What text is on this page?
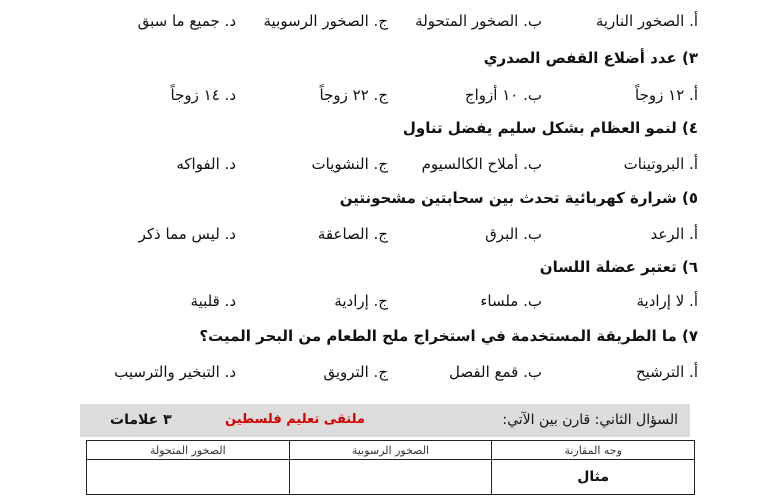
أ. الصخور النارية
ب. الصخور المتحولة
ج. الصخور الرسوبية
د. جميع ما سبق
٣) عدد أضلاع القفص الصدري
أ. ١٢ زوجاً
ب. ١٠ أزواج
ج. ٢٢ زوجاً
د. ١٤ زوجاً
٤) لنمو العظام بشكل سليم يفضل تناول
أ. البروتينات
ب. أملاح الكالسيوم
ج. النشويات
د. الفواكه
٥) شرارة كهربائية تحدث بين سحابتين مشحونتين
أ. الرعد
ب. البرق
ج. الصاعقة
د. ليس مما ذكر
٦) تعتبر عضلة اللسان
أ. لا إرادية
ب. ملساء
ج. إرادية
د. قلبية
٧) ما الطريقة المستخدمة في استخراج ملح الطعام من البحر الميت؟
أ. الترشيح
ب. قمع الفصل
ج. الترويق
د. التبخير والترسيب
السؤال الثاني: قارن بين الآتي:
ملتقى تعليم فلسطين
٣ علامات
وجه المقارنة	الصخور الرسوبية	الصخور المتحولة
مثال		
